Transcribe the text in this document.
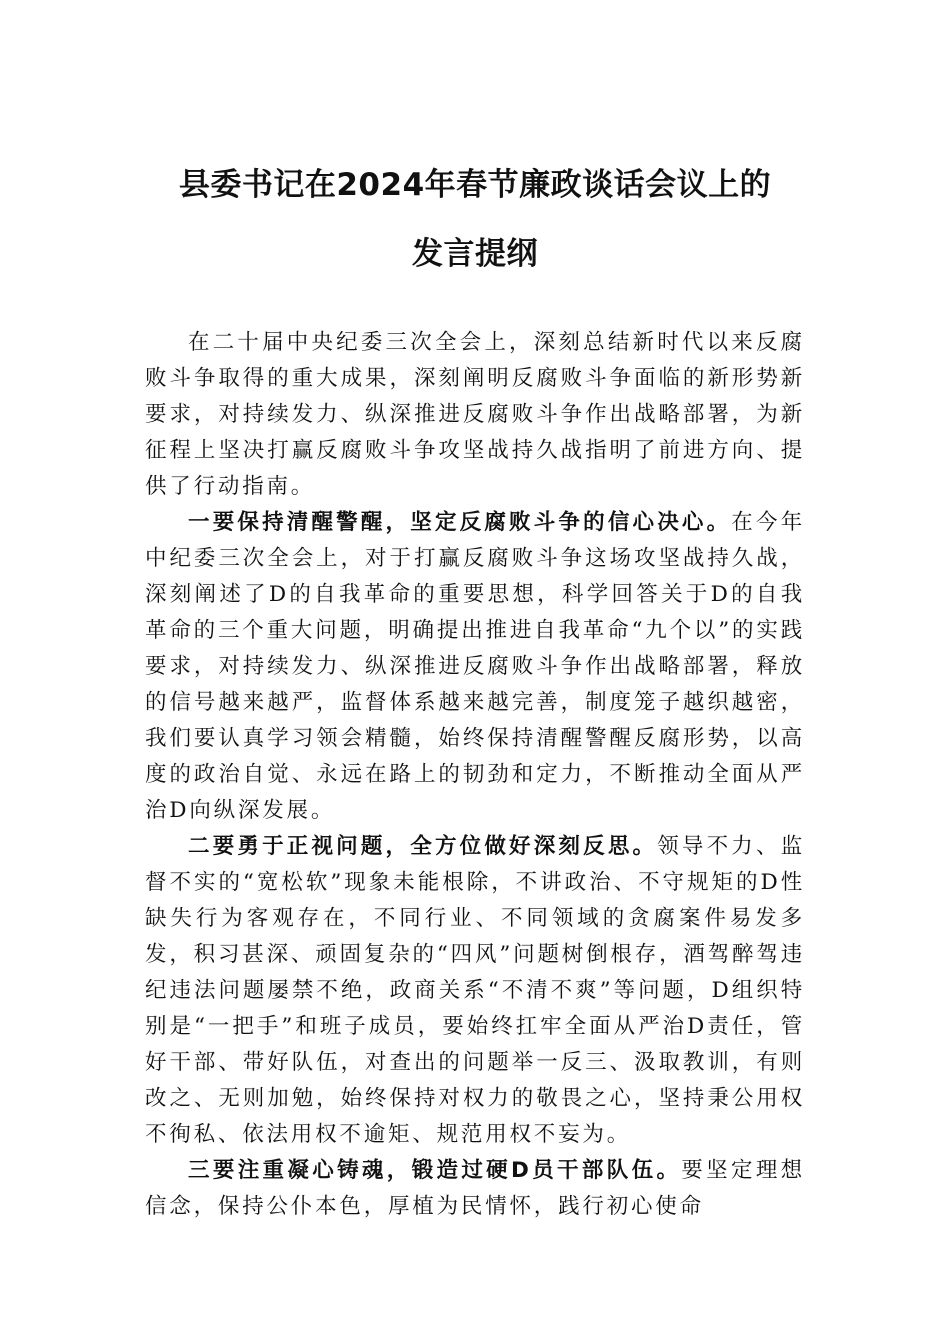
县委书记在2024年春节廉政谈话会议上的
发言提纲

在二十届中央纪委三次全会上，深刻总结新时代以来反腐败斗争取得的重大成果，深刻阐明反腐败斗争面临的新形势新要求，对持续发力、纵深推进反腐败斗争作出战略部署，为新征程上坚决打赢反腐败斗争攻坚战持久战指明了前进方向、提供了行动指南。

一要保持清醒警醒，坚定反腐败斗争的信心决心。在今年中纪委三次全会上，对于打赢反腐败斗争这场攻坚战持久战，深刻阐述了D的自我革命的重要思想，科学回答关于D的自我革命的三个重大问题，明确提出推进自我革命“九个以”的实践要求，对持续发力、纵深推进反腐败斗争作出战略部署，释放的信号越来越严，监督体系越来越完善，制度笼子越织越密，我们要认真学习领会精髓，始终保持清醒警醒反腐形势，以高度的政治自觉、永远在路上的韧劲和定力，不断推动全面从严治D向纵深发展。

二要勇于正视问题，全方位做好深刻反思。领导不力、监督不实的“宽松软”现象未能根除，不讲政治、不守规矩的D性缺失行为客观存在，不同行业、不同领域的贪腐案件易发多发，积习甚深、顽固复杂的“四风”问题树倒根存，酒驾醉驾违纪违法问题屡禁不绝，政商关系“不清不爽”等问题，D组织特别是“一把手”和班子成员，要始终扛牢全面从严治D责任，管好干部、带好队伍，对查出的问题举一反三、汲取教训，有则改之、无则加勉，始终保持对权力的敬畏之心，坚持秉公用权不徇私、依法用权不逾矩、规范用权不妄为。

三要注重凝心铸魂，锻造过硬D员干部队伍。要坚定理想信念，保持公仆本色，厚植为民情怀，践行初心使命
